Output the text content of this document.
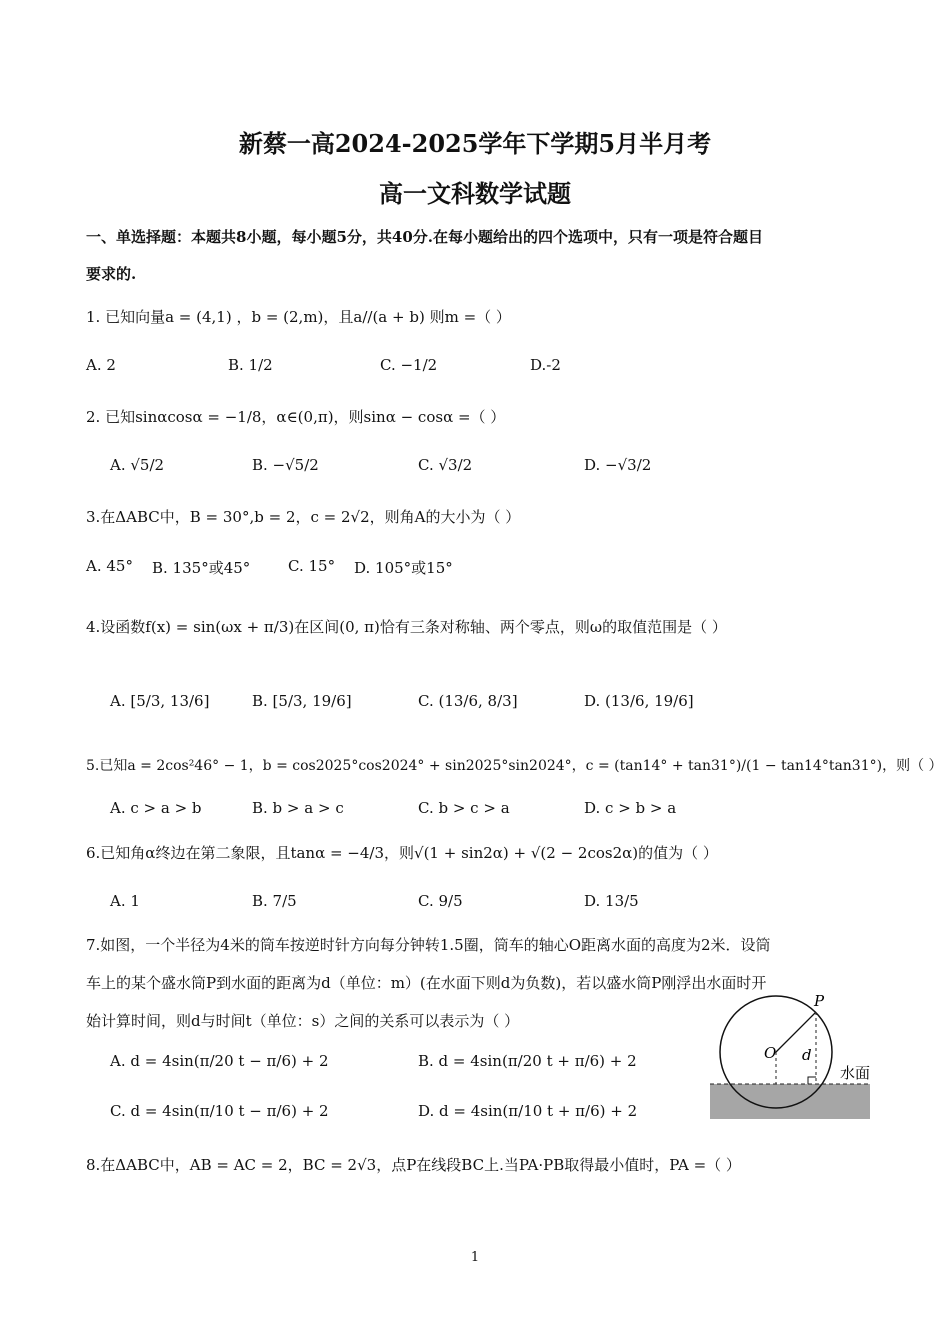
新蔡一高2024-2025学年下学期5月半月考
高一文科数学试题
一、单选择题：本题共8小题，每小题5分，共40分.在每小题给出的四个选项中，只有一项是符合题目
要求的.
1. 已知向量a = (4,1) ，b = (2,m)，且a//(a + b) 则m =（ ）
A. 2	B. 1/2	C. −1/2	D.-2
2. 已知sinαcosα = −1/8，α∈(0,π)，则sinα − cosα =（ ）
A. √5/2	B. −√5/2	C. √3/2	D. −√3/2
3.在ΔABC中，B = 30°,b = 2，c = 2√2，则角A的大小为（ ）
A. 45° B. 135°或45°	C. 15° D. 105°或15°
4.设函数f(x) = sin(ωx + π/3)在区间(0, π)恰有三条对称轴、两个零点，则ω的取值范围是（ ）
A. [5/3, 13/6]	B. [5/3, 19/6]	C. (13/6, 8/3]	D. (13/6, 19/6]
5.已知a = 2cos²46° − 1，b = cos2025°cos2024° + sin2025°sin2024°，c = (tan14° + tan31°)/(1 − tan14°tan31°)，则（ ）
A. c > a > b	B. b > a > c	C. b > c > a	D. c > b > a
6.已知角α终边在第二象限，且tanα = −4/3，则√(1 + sin2α) + √(2 − 2cos2α)的值为（ ）
A. 1	B. 7/5	C. 9/5	D. 13/5
7.如图，一个半径为4米的筒车按逆时针方向每分钟转1.5圈，筒车的轴心O距离水面的高度为2米．设筒
车上的某个盛水筒P到水面的距离为d（单位：m）(在水面下则d为负数)，若以盛水筒P刚浮出水面时开
始计算时间，则d与时间t（单位：s）之间的关系可以表示为（ ）
A. d = 4sin(π/20 t − π/6) + 2	B. d = 4sin(π/20 t + π/6) + 2
C. d = 4sin(π/10 t − π/6) + 2	D. d = 4sin(π/10 t + π/6) + 2
P
O d
水面
8.在ΔABC中，AB = AC = 2，BC = 2√3，点P在线段BC上.当PA·PB取得最小值时，PA =（ ）
1
